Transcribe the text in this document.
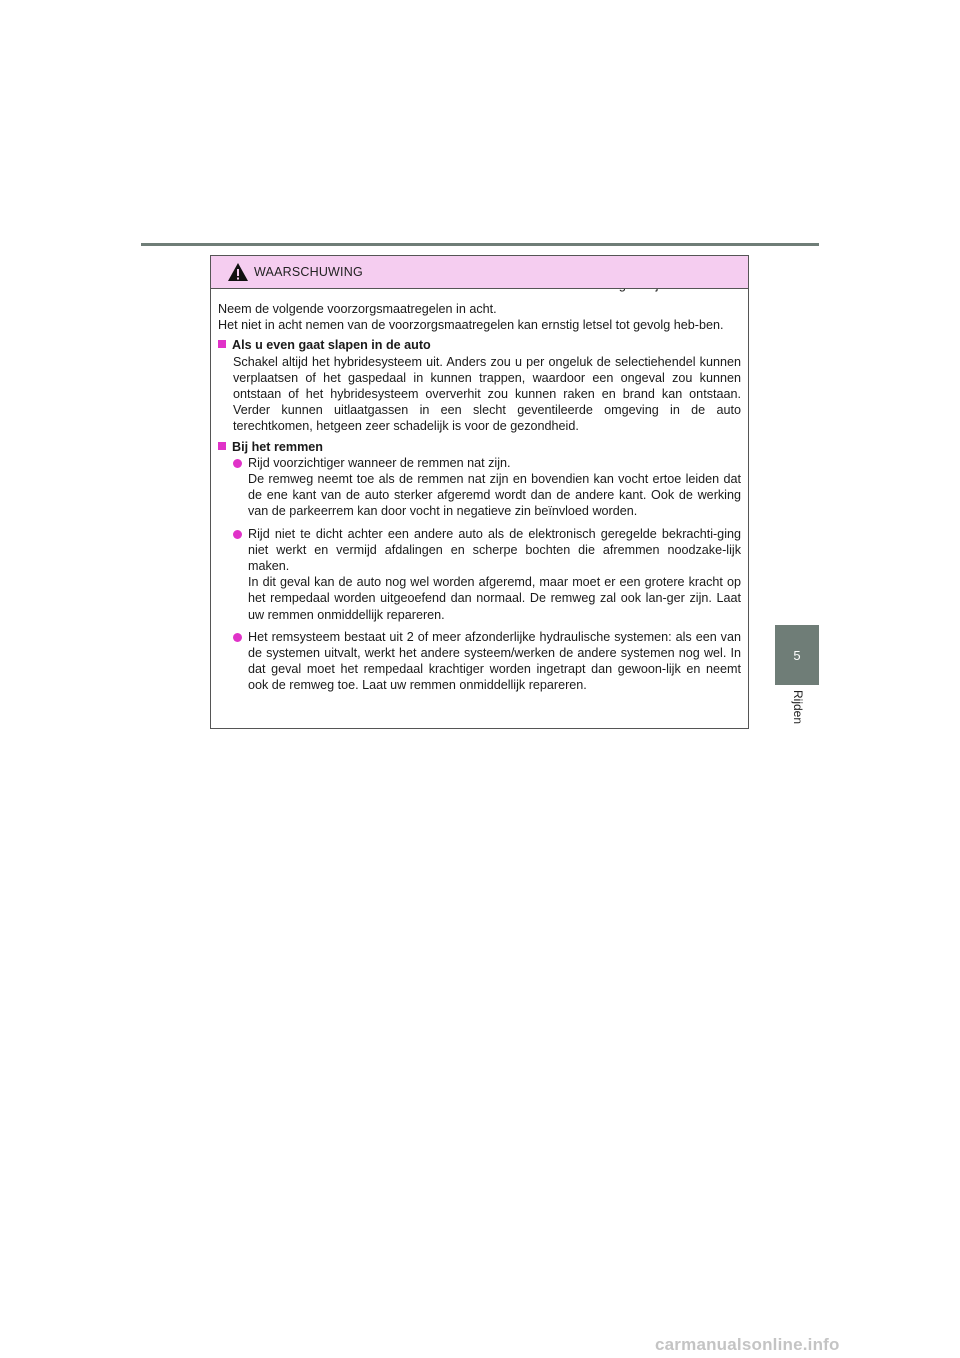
5
Rijden
WAARSCHUWING

Neem de volgende voorzorgsmaatregelen in acht.

Het niet in acht nemen van de voorzorgsmaatregelen kan ernstig letsel tot gevolg heb-ben.

Als u even gaat slapen in de auto

Schakel altijd het hybridesysteem uit. Anders zou u per ongeluk de selectiehendel kunnen verplaatsen of het gaspedaal in kunnen trappen, waardoor een ongeval zou kunnen ontstaan of het hybridesysteem oververhit zou kunnen raken en brand kan ontstaan. Verder kunnen uitlaatgassen in een slecht geventileerde omgeving in de auto terechtkomen, hetgeen zeer schadelijk is voor de gezondheid.

Bij het remmen

Rijd voorzichtiger wanneer de remmen nat zijn.

De remweg neemt toe als de remmen nat zijn en bovendien kan vocht ertoe leiden dat de ene kant van de auto sterker afgeremd wordt dan de andere kant. Ook de werking van de parkeerrem kan door vocht in negatieve zin beïnvloed worden.

Rijd niet te dicht achter een andere auto als de elektronisch geregelde bekrachti-ging niet werkt en vermijd afdalingen en scherpe bochten die afremmen noodzake-lijk maken.

In dit geval kan de auto nog wel worden afgeremd, maar moet er een grotere kracht op het rempedaal worden uitgeoefend dan normaal. De remweg zal ook lan-ger zijn. Laat uw remmen onmiddellijk repareren.

Het remsysteem bestaat uit 2 of meer afzonderlijke hydraulische systemen: als een van de systemen uitvalt, werkt het andere systeem/werken de andere systemen nog wel. In dat geval moet het rempedaal krachtiger worden ingetrapt dan gewoon-lijk en neemt ook de remweg toe. Laat uw remmen onmiddellijk repareren.

carmanualsonline.info
